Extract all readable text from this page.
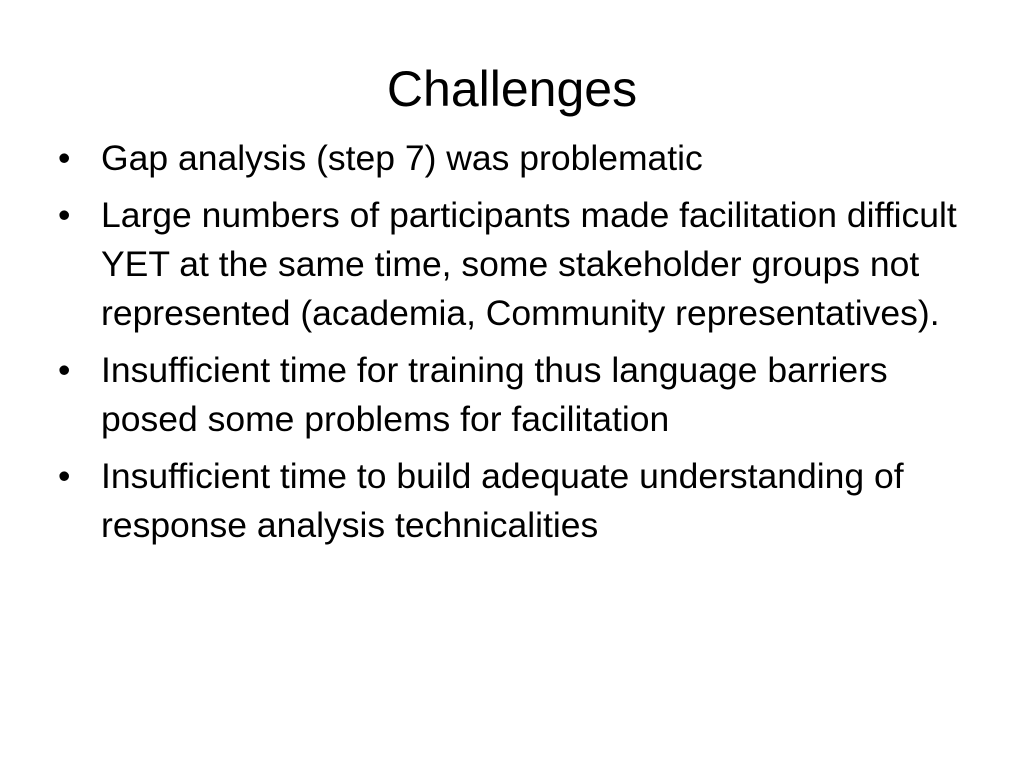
Challenges
• Gap analysis (step 7) was problematic
• Large numbers of participants made facilitation difficult YET at the same time, some stakeholder groups not represented (academia, Community representatives).
• Insufficient time for training thus language barriers posed some problems for facilitation
• Insufficient time to build adequate understanding of response analysis technicalities
